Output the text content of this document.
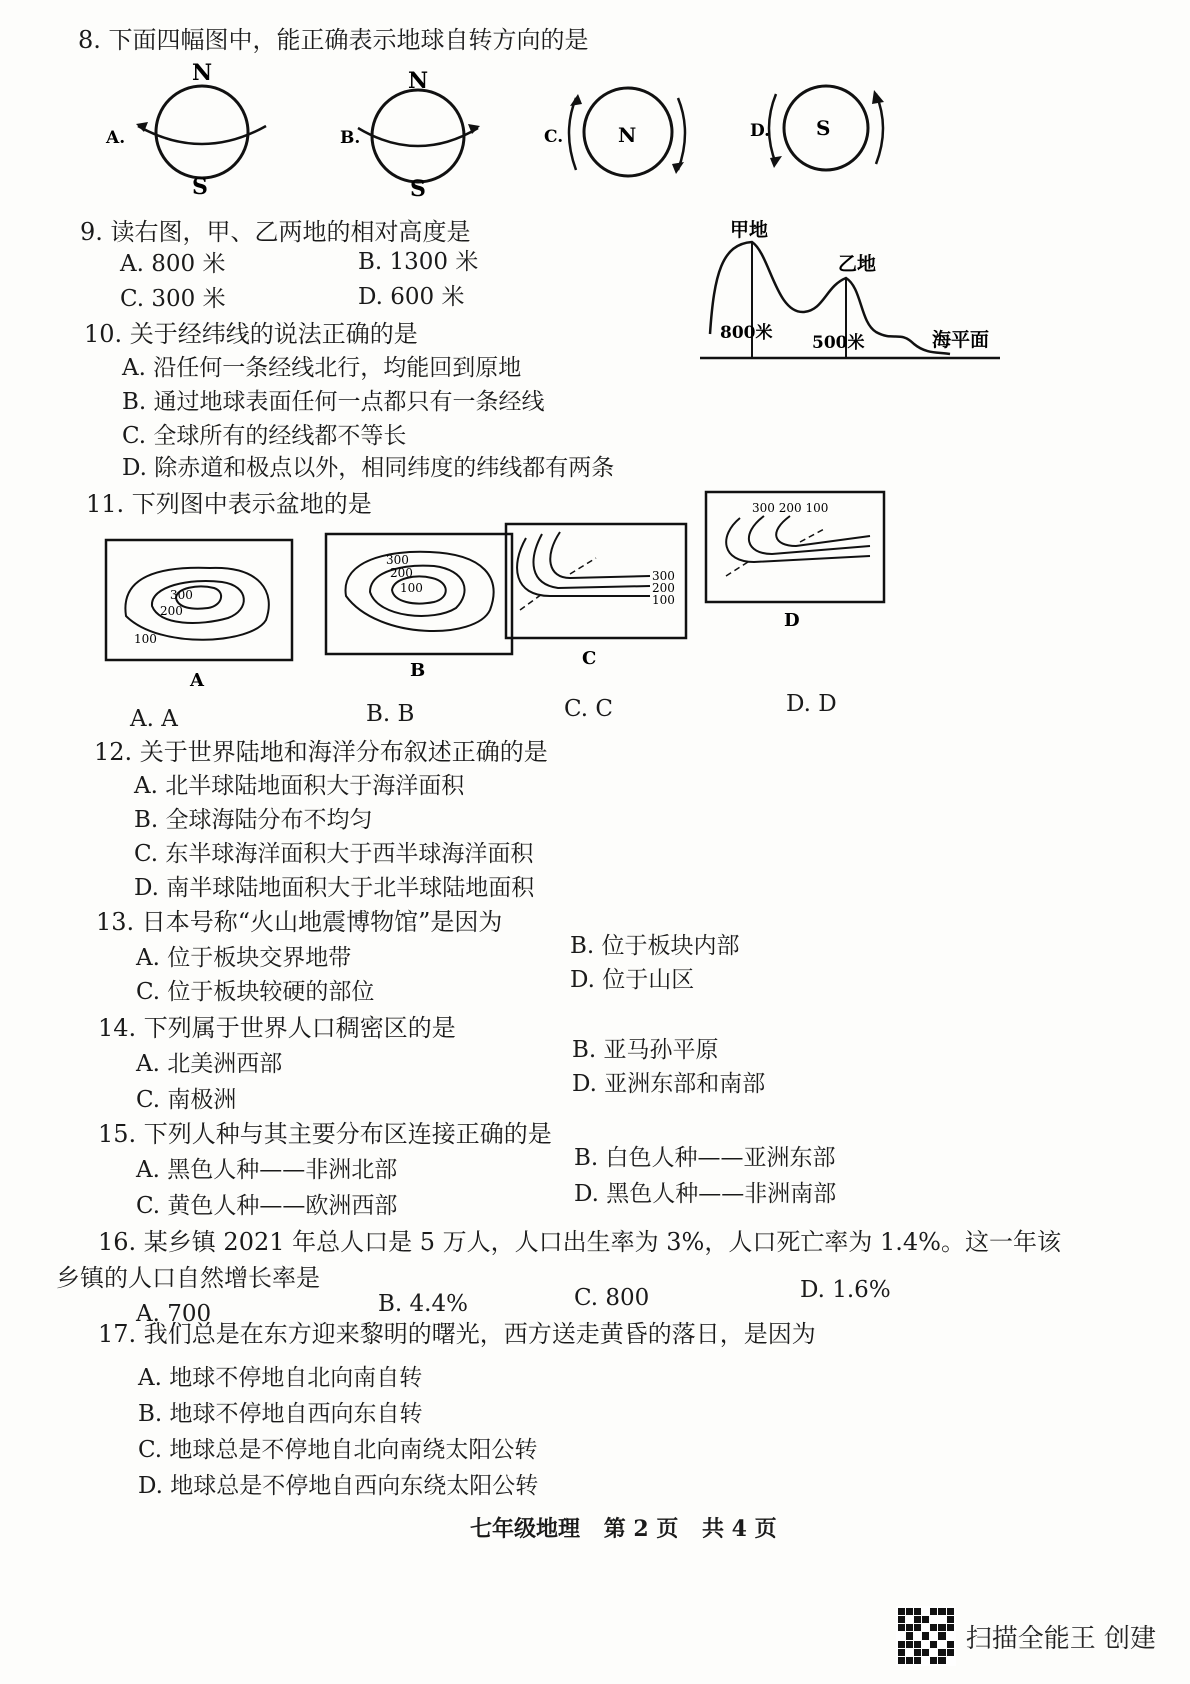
8. 下面四幅图中，能正确表示地球自转方向的是
A.
N
S
B.
N
S
C.	N	D. S
9. 读右图，甲、乙两地的相对高度是
A. 800 米	B. 1300 米
C. 300 米	D. 600 米
甲地
乙地
800米 500米	海平面
10. 关于经纬线的说法正确的是
A. 沿任何一条经线北行，均能回到原地
B. 通过地球表面任何一点都只有一条经线
C. 全球所有的经线都不等长
D. 除赤道和极点以外，相同纬度的纬线都有两条
11. 下列图中表示盆地的是
300
200
100
A
300
200
100
B
300
200
100
C
300 200 100
D
A. A	B. B	C. C	D. D
12. 关于世界陆地和海洋分布叙述正确的是
A. 北半球陆地面积大于海洋面积
B. 全球海陆分布不均匀
C. 东半球海洋面积大于西半球海洋面积
D. 南半球陆地面积大于北半球陆地面积
13. 日本号称“火山地震博物馆”是因为
A. 位于板块交界地带	B. 位于板块内部
C. 位于板块较硬的部位	D. 位于山区
14. 下列属于世界人口稠密区的是
A. 北美洲西部
B. 亚马孙平原
C. 南极洲
D. 亚洲东部和南部
15. 下列人种与其主要分布区连接正确的是
A. 黑色人种——非洲北部	B. 白色人种——亚洲东部
C. 黄色人种——欧洲西部	D. 黑色人种——非洲南部
16. 某乡镇 2021 年总人口是 5 万人，人口出生率为 3%，人口死亡率为 1.4%。这一年该
乡镇的人口自然增长率是
A. 700	B. 4.4%	C. 800	D. 1.6%
17. 我们总是在东方迎来黎明的曙光，西方送走黄昏的落日，是因为
A. 地球不停地自北向南自转
B. 地球不停地自西向东自转
C. 地球总是不停地自北向南绕太阳公转
D. 地球总是不停地自西向东绕太阳公转
七年级地理 第 2 页 共 4 页
扫描全能王 创建
